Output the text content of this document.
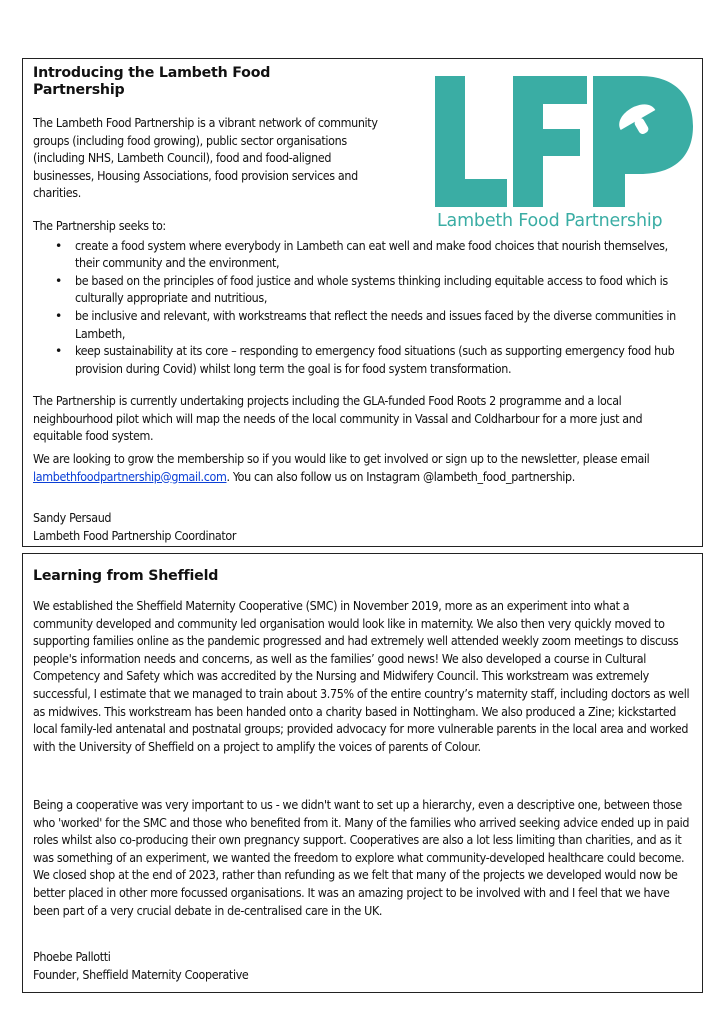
Introducing the Lambeth Food
Partnership

The Lambeth Food Partnership is a vibrant network of community

groups (including food growing), public sector organisations

(including NHS, Lambeth Council), food and food-aligned

businesses, Housing Associations, food provision services and

charities.

Lambeth Food Partnership

The Partnership seeks to:

• create a food system where everybody in Lambeth can eat well and make food choices that nourish themselves, their community and the environment,

• be based on the principles of food justice and whole systems thinking including equitable access to food which is culturally appropriate and nutritious,

• be inclusive and relevant, with workstreams that reflect the needs and issues faced by the diverse communities in Lambeth,

• keep sustainability at its core – responding to emergency food situations (such as supporting emergency food hub provision during Covid) whilst long term the goal is for food system transformation.

The Partnership is currently undertaking projects including the GLA-funded Food Roots 2 programme and a local neighbourhood pilot which will map the needs of the local community in Vassal and Coldharbour for a more just and equitable food system.

We are looking to grow the membership so if you would like to get involved or sign up to the newsletter, please email lambethfoodpartnership@gmail.com. You can also follow us on Instagram @lambeth_food_partnership.

Sandy Persaud

Lambeth Food Partnership Coordinator

Learning from Sheffield

We established the Sheffield Maternity Cooperative (SMC) in November 2019, more as an experiment into what a community developed and community led organisation would look like in maternity. We also then very quickly moved to supporting families online as the pandemic progressed and had extremely well attended weekly zoom meetings to discuss people's information needs and concerns, as well as the families’ good news! We also developed a course in Cultural Competency and Safety which was accredited by the Nursing and Midwifery Council. This workstream was extremely successful, I estimate that we managed to train about 3.75% of the entire country’s maternity staff, including doctors as well as midwives. This workstream has been handed onto a charity based in Nottingham. We also produced a Zine; kickstarted local family-led antenatal and postnatal groups; provided advocacy for more vulnerable parents in the local area and worked with the University of Sheffield on a project to amplify the voices of parents of Colour.

Being a cooperative was very important to us - we didn't want to set up a hierarchy, even a descriptive one, between those who 'worked' for the SMC and those who benefited from it. Many of the families who arrived seeking advice ended up in paid roles whilst also co-producing their own pregnancy support. Cooperatives are also a lot less limiting than charities, and as it was something of an experiment, we wanted the freedom to explore what community-developed healthcare could become. We closed shop at the end of 2023, rather than refunding as we felt that many of the projects we developed would now be better placed in other more focussed organisations. It was an amazing project to be involved with and I feel that we have been part of a very crucial debate in de-centralised care in the UK.

Phoebe Pallotti

Founder, Sheffield Maternity Cooperative
